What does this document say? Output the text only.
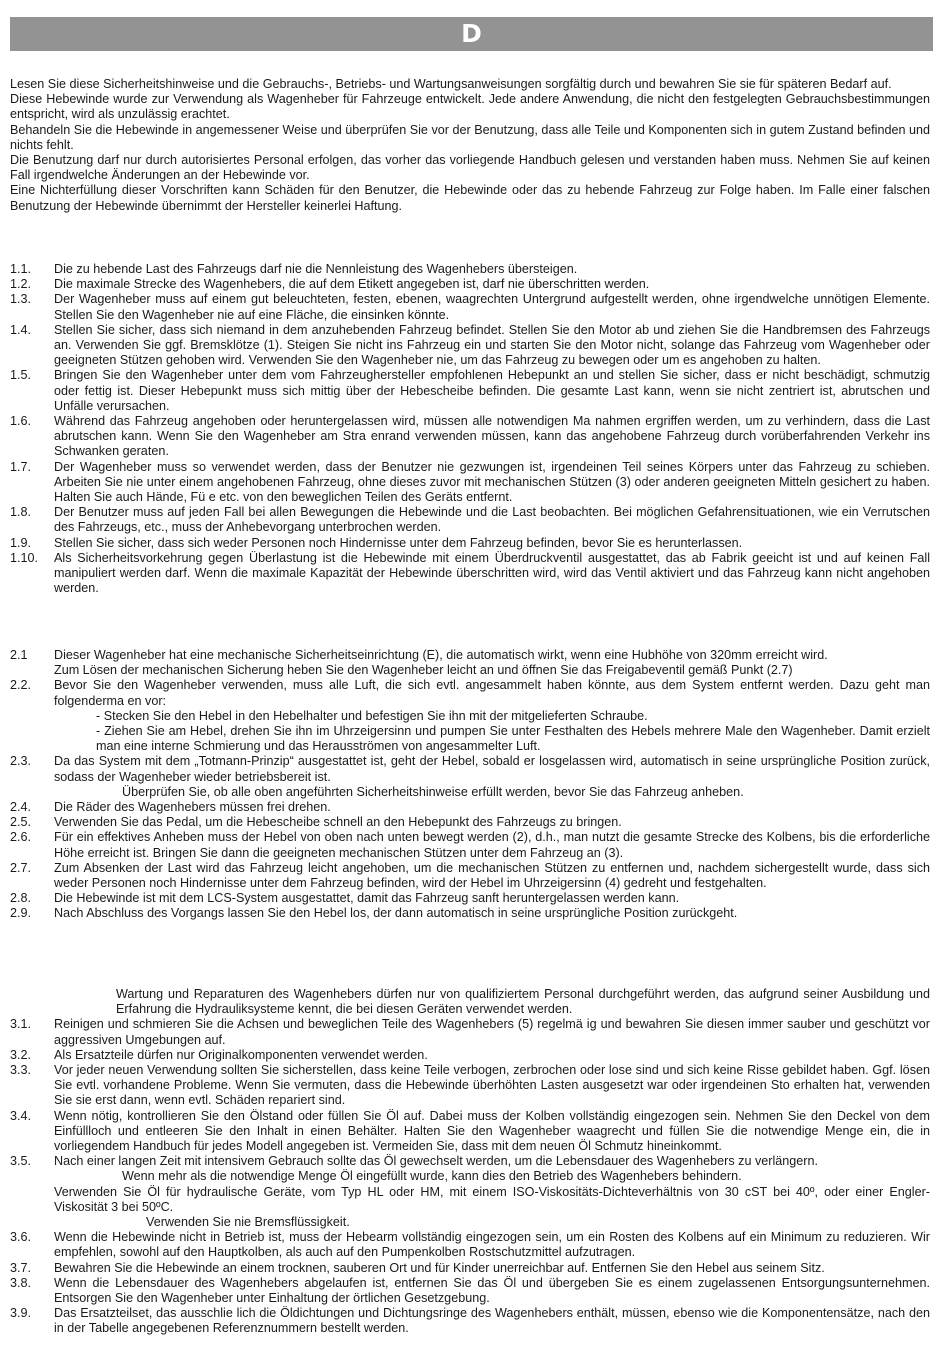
D

Lesen Sie diese Sicherheitshinweise und die Gebrauchs-, Betriebs- und Wartungsanweisungen sorgfältig durch und bewahren Sie sie für späteren Bedarf auf.

Diese Hebewinde wurde zur Verwendung als Wagenheber für Fahrzeuge entwickelt. Jede andere Anwendung, die nicht den festgelegten Gebrauchsbestimmungen entspricht, wird als unzulässig erachtet.

Behandeln Sie die Hebewinde in angemessener Weise und überprüfen Sie vor der Benutzung, dass alle Teile und Komponenten sich in gutem Zustand befinden und nichts fehlt.

Die Benutzung darf nur durch autorisiertes Personal erfolgen, das vorher das vorliegende Handbuch gelesen und verstanden haben muss. Nehmen Sie auf keinen Fall irgendwelche Änderungen an der Hebewinde vor.

Eine Nichterfüllung dieser Vorschriften kann Schäden für den Benutzer, die Hebewinde oder das zu hebende Fahrzeug zur Folge haben. Im Falle einer falschen Benutzung der Hebewinde übernimmt der Hersteller keinerlei Haftung.

1.1.	Die zu hebende Last des Fahrzeugs darf nie die Nennleistung des Wagenhebers übersteigen.
1.2.	Die maximale Strecke des Wagenhebers, die auf dem Etikett angegeben ist, darf nie überschritten werden.
1.3.	Der Wagenheber muss auf einem gut beleuchteten, festen, ebenen, waagrechten Untergrund aufgestellt werden, ohne irgendwelche unnötigen Elemente. Stellen Sie den Wagenheber nie auf eine Fläche, die einsinken könnte.
1.4.	Stellen Sie sicher, dass sich niemand in dem anzuhebenden Fahrzeug befindet. Stellen Sie den Motor ab und ziehen Sie die Handbremsen des Fahrzeugs an. Verwenden Sie ggf. Bremsklötze (1). Steigen Sie nicht ins Fahrzeug ein und starten Sie den Motor nicht, solange das Fahrzeug vom Wagenheber oder geeigneten Stützen gehoben wird. Verwenden Sie den Wagenheber nie, um das Fahrzeug zu bewegen oder um es angehoben zu halten.
1.5.	Bringen Sie den Wagenheber unter dem vom Fahrzeughersteller empfohlenen Hebepunkt an und stellen Sie sicher, dass er nicht beschädigt, schmutzig oder fettig ist. Dieser Hebepunkt muss sich mittig über der Hebescheibe befinden. Die gesamte Last kann, wenn sie nicht zentriert ist, abrutschen und Unfälle verursachen.
1.6.	Während das Fahrzeug angehoben oder heruntergelassen wird, müssen alle notwendigen Ma nahmen ergriffen werden, um zu verhindern, dass die Last abrutschen kann. Wenn Sie den Wagenheber am Stra enrand verwenden müssen, kann das angehobene Fahrzeug durch vorüberfahrenden Verkehr ins Schwanken geraten.
1.7.	Der Wagenheber muss so verwendet werden, dass der Benutzer nie gezwungen ist, irgendeinen Teil seines Körpers unter das Fahrzeug zu schieben. Arbeiten Sie nie unter einem angehobenen Fahrzeug, ohne dieses zuvor mit mechanischen Stützen (3) oder anderen geeigneten Mitteln gesichert zu haben. Halten Sie auch Hände, Fü e etc. von den beweglichen Teilen des Geräts entfernt.
1.8.	Der Benutzer muss auf jeden Fall bei allen Bewegungen die Hebewinde und die Last beobachten. Bei möglichen Gefahrensituationen, wie ein Verrutschen des Fahrzeugs, etc., muss der Anhebevorgang unterbrochen werden.
1.9.	Stellen Sie sicher, dass sich weder Personen noch Hindernisse unter dem Fahrzeug befinden, bevor Sie es herunterlassen.
1.10.	Als Sicherheitsvorkehrung gegen Überlastung ist die Hebewinde mit einem Überdruckventil ausgestattet, das ab Fabrik geeicht ist und auf keinen Fall manipuliert werden darf. Wenn die maximale Kapazität der Hebewinde überschritten wird, wird das Ventil aktiviert und das Fahrzeug kann nicht angehoben werden.
2.1	Dieser Wagenheber hat eine mechanische Sicherheitseinrichtung (E), die automatisch wirkt, wenn eine Hubhöhe von 320mm erreicht wird.
Zum Lösen der mechanischen Sicherung heben Sie den Wagenheber leicht an und öffnen Sie das Freigabeventil gemäß Punkt (2.7)
2.2.	Bevor Sie den Wagenheber verwenden, muss alle Luft, die sich evtl. angesammelt haben könnte, aus dem System entfernt werden. Dazu geht man folgenderma en vor:
- Stecken Sie den Hebel in den Hebelhalter und befestigen Sie ihn mit der mitgelieferten Schraube.
- Ziehen Sie am Hebel, drehen Sie ihn im Uhrzeigersinn und pumpen Sie unter Festhalten des Hebels mehrere Male den Wagenheber. Damit erzielt man eine interne Schmierung und das Herausströmen von angesammelter Luft.
2.3.	Da das System mit dem „Totmann-Prinzip“ ausgestattet ist, geht der Hebel, sobald er losgelassen wird, automatisch in seine ursprüngliche Position zurück, sodass der Wagenheber wieder betriebsbereit ist.
Überprüfen Sie, ob alle oben angeführten Sicherheitshinweise erfüllt werden, bevor Sie das Fahrzeug anheben.
2.4.	Die Räder des Wagenhebers müssen frei drehen.
2.5.	Verwenden Sie das Pedal, um die Hebescheibe schnell an den Hebepunkt des Fahrzeugs zu bringen.
2.6.	Für ein effektives Anheben muss der Hebel von oben nach unten bewegt werden (2), d.h., man nutzt die gesamte Strecke des Kolbens, bis die erforderliche Höhe erreicht ist. Bringen Sie dann die geeigneten mechanischen Stützen unter dem Fahrzeug an (3).
2.7.	Zum Absenken der Last wird das Fahrzeug leicht angehoben, um die mechanischen Stützen zu entfernen und, nachdem sichergestellt wurde, dass sich weder Personen noch Hindernisse unter dem Fahrzeug befinden, wird der Hebel im Uhrzeigersinn (4) gedreht und festgehalten.
2.8.	Die Hebewinde ist mit dem LCS-System ausgestattet, damit das Fahrzeug sanft heruntergelassen werden kann.
2.9.	Nach Abschluss des Vorgangs lassen Sie den Hebel los, der dann automatisch in seine ursprüngliche Position zurückgeht.
Wartung und Reparaturen des Wagenhebers dürfen nur von qualifiziertem Personal durchgeführt werden, das aufgrund seiner Ausbildung und Erfahrung die Hydrauliksysteme kennt, die bei diesen Geräten verwendet werden.
3.1.	Reinigen und schmieren Sie die Achsen und beweglichen Teile des Wagenhebers (5) regelmä ig und bewahren Sie diesen immer sauber und geschützt vor aggressiven Umgebungen auf.
3.2.	Als Ersatzteile dürfen nur Originalkomponenten verwendet werden.
3.3.	Vor jeder neuen Verwendung sollten Sie sicherstellen, dass keine Teile verbogen, zerbrochen oder lose sind und sich keine Risse gebildet haben. Ggf. lösen Sie evtl. vorhandene Probleme. Wenn Sie vermuten, dass die Hebewinde überhöhten Lasten ausgesetzt war oder irgendeinen Sto erhalten hat, verwenden Sie sie erst dann, wenn evtl. Schäden repariert sind.
3.4.	Wenn nötig, kontrollieren Sie den Ölstand oder füllen Sie Öl auf. Dabei muss der Kolben vollständig eingezogen sein. Nehmen Sie den Deckel von dem Einfüllloch und entleeren Sie den Inhalt in einen Behälter. Halten Sie den Wagenheber waagrecht und füllen Sie die notwendige Menge ein, die in vorliegendem Handbuch für jedes Modell angegeben ist. Vermeiden Sie, dass mit dem neuen Öl Schmutz hineinkommt.
3.5.	Nach einer langen Zeit mit intensivem Gebrauch sollte das Öl gewechselt werden, um die Lebensdauer des Wagenhebers zu verlängern.
Wenn mehr als die notwendige Menge Öl eingefüllt wurde, kann dies den Betrieb des Wagenhebers behindern.
Verwenden Sie Öl für hydraulische Geräte, vom Typ HL oder HM, mit einem ISO-Viskositäts-Dichteverhältnis von 30 cST bei 40º, oder einer Engler-Viskosität 3 bei 50ºC.
Verwenden Sie nie Bremsflüssigkeit.
3.6.	Wenn die Hebewinde nicht in Betrieb ist, muss der Hebearm vollständig eingezogen sein, um ein Rosten des Kolbens auf ein Minimum zu reduzieren. Wir empfehlen, sowohl auf den Hauptkolben, als auch auf den Pumpenkolben Rostschutzmittel aufzutragen.
3.7.	Bewahren Sie die Hebewinde an einem trocknen, sauberen Ort und für Kinder unerreichbar auf. Entfernen Sie den Hebel aus seinem Sitz.
3.8.	Wenn die Lebensdauer des Wagenhebers abgelaufen ist, entfernen Sie das Öl und übergeben Sie es einem zugelassenen Entsorgungsunternehmen. Entsorgen Sie den Wagenheber unter Einhaltung der örtlichen Gesetzgebung.
3.9.	Das Ersatzteilset, das ausschlie lich die Öldichtungen und Dichtungsringe des Wagenhebers enthält, müssen, ebenso wie die Komponentensätze, nach den in der Tabelle angegebenen Referenznummern bestellt werden.
